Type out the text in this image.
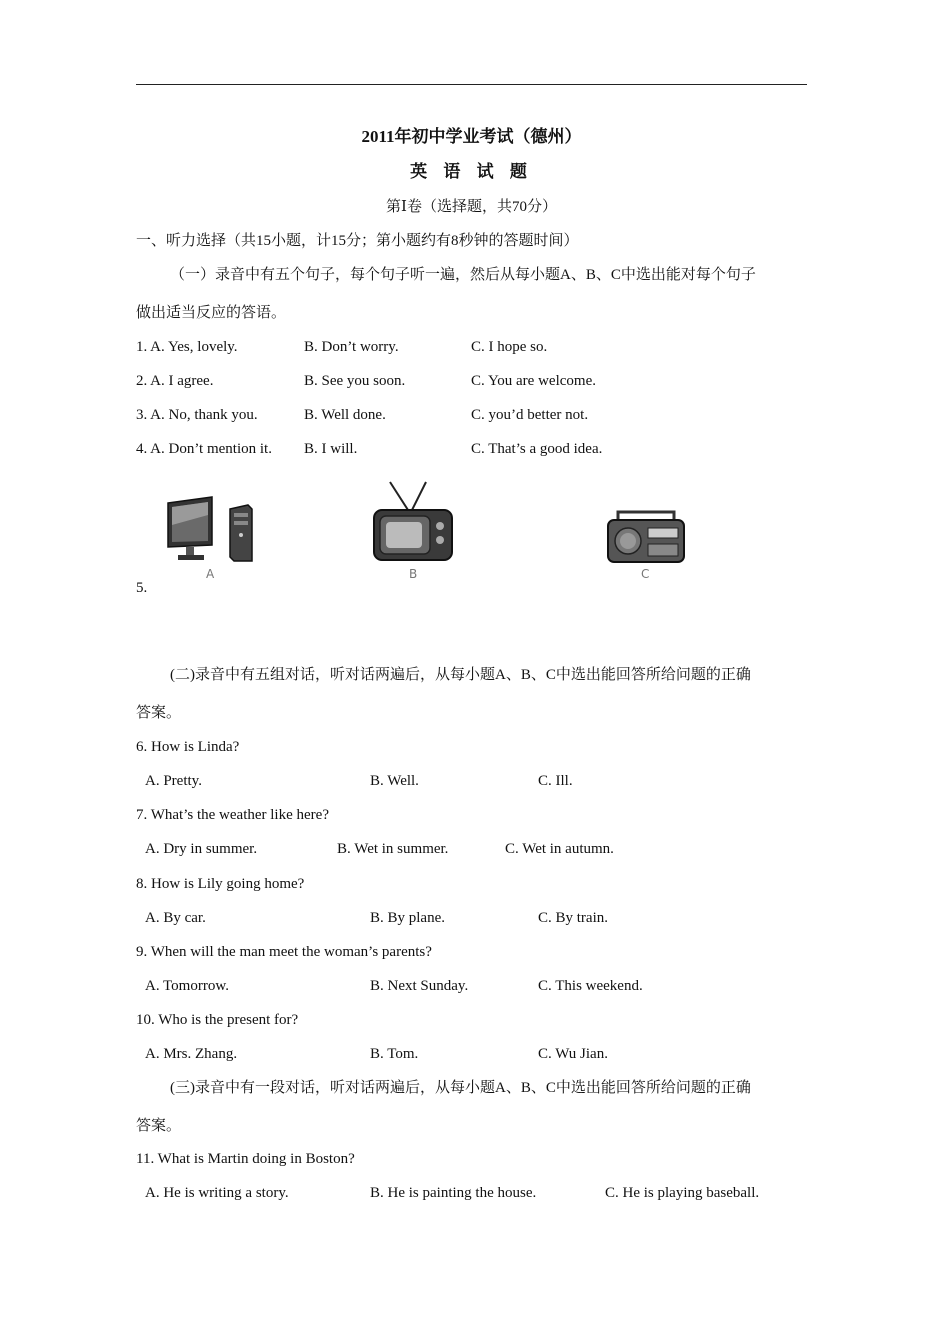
2011年初中学业考试（德州）
英 语 试 题
第Ⅰ卷（选择题，共70分）
一、听力选择（共15小题，计15分；第小题约有8秒钟的答题时间）
（一）录音中有五个句子，每个句子听一遍，然后从每小题A、B、C中选出能对每个句子
做出适当反应的答语。
1. A. Yes, lovely.	B. Don’t worry.	C. I hope so.
2. A. I agree.	B. See you soon.	C. You are welcome.
3. A. No, thank you.	B. Well done.	C. you’d better not.
4. A. Don’t mention it. B. I will.	C. That’s a good idea.
A	B	C
5.
(二)录音中有五组对话，听对话两遍后，从每小题A、B、C中选出能回答所给问题的正确
答案。
6. How is Linda?
A. Pretty.	B. Well.	C. Ill.
7. What’s the weather like here?
A. Dry in summer.	B. Wet in summer.	C. Wet in autumn.
8. How is Lily going home?
A. By car.	B. By plane.	C. By train.
9. When will the man meet the woman’s parents?
A. Tomorrow.	B. Next Sunday.	C. This weekend.
10. Who is the present for?
A. Mrs. Zhang.	B. Tom.	C. Wu Jian.
(三)录音中有一段对话，听对话两遍后，从每小题A、B、C中选出能回答所给问题的正确
答案。
11. What is Martin doing in Boston?
A. He is writing a story.	B. He is painting the house.	C. He is playing baseball.
